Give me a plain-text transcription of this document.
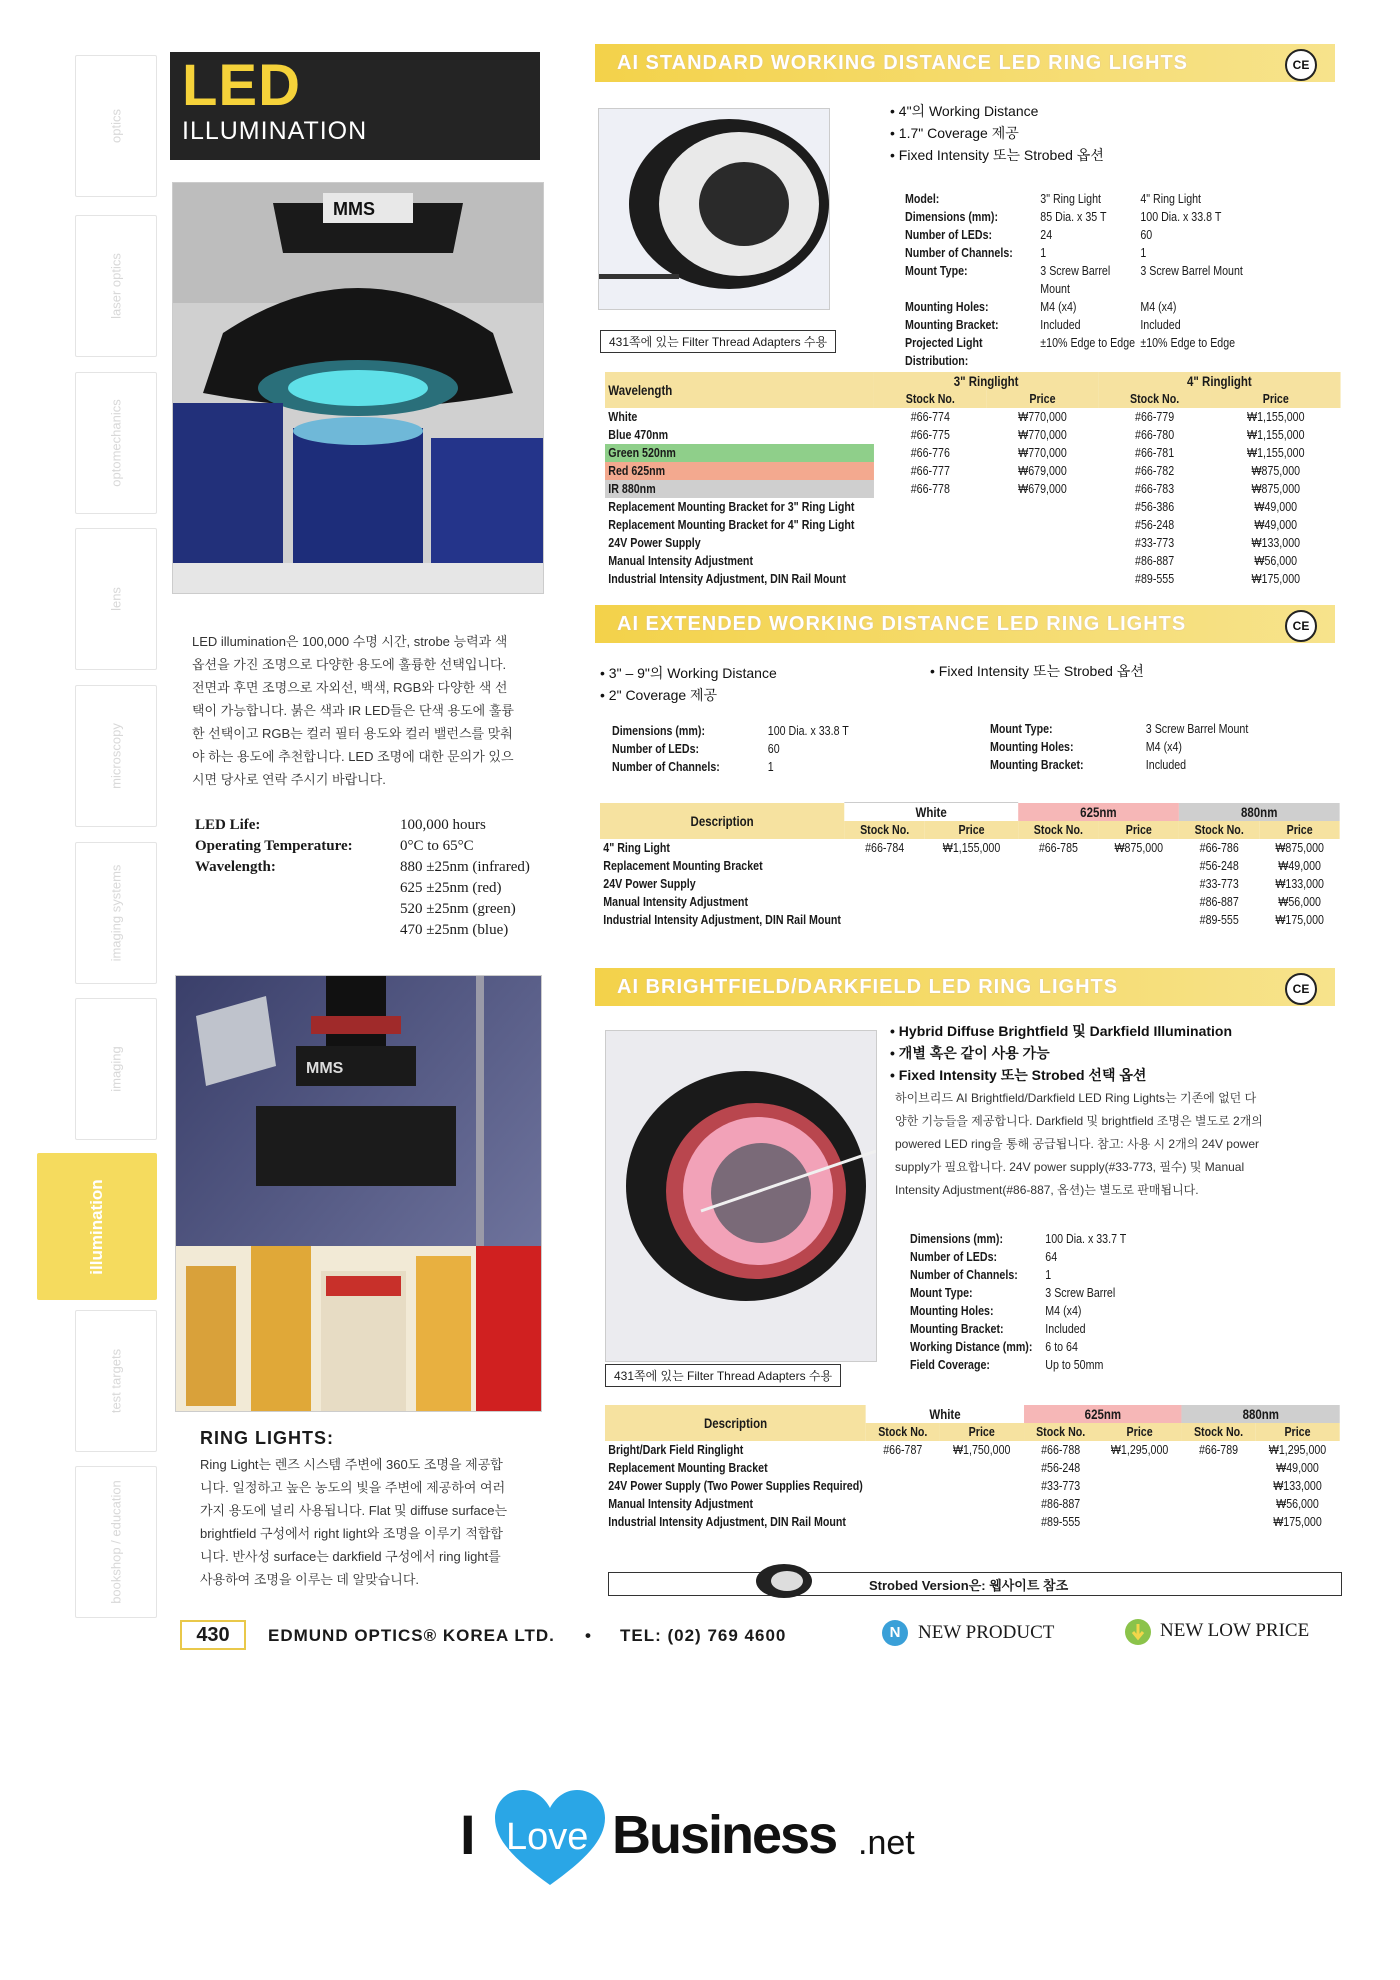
optics
laser optics
optomechanics
lens
microscopy
imaging systems
imaging
illumination
test targets
bookshop / education
LED
ILLUMINATION
MMS
LED illumination은 100,000 수명 시간, strobe 능력과 색
옵션을 가진 조명으로 다양한 용도에 훌륭한 선택입니다.
전면과 후면 조명으로 자외선, 백색, RGB와 다양한 색 선
택이 가능합니다. 붉은 색과 IR LED들은 단색 용도에 훌륭
한 선택이고 RGB는 컬러 필터 용도와 컬러 밸런스를 맞춰
야 하는 용도에 추천합니다. LED 조명에 대한 문의가 있으
시면 당사로 연락 주시기 바랍니다.
LED Life:	100,000 hours
Operating Temperature:	0°C to 65°C
Wavelength:	880 ±25nm (infrared)
625 ±25nm (red)
520 ±25nm (green)
470 ±25nm (blue)
MMS
RING LIGHTS:
Ring Light는 렌즈 시스템 주변에 360도 조명을 제공합
니다. 일정하고 높은 농도의 빛을 주변에 제공하여 여러
가지 용도에 널리 사용됩니다. Flat 및 diffuse surface는
brightfield 구성에서 right light와 조명을 이루기 적합합
니다. 반사성 surface는 darkfield 구성에서 ring light를
사용하여 조명을 이루는 데 알맞습니다.
AI STANDARD WORKING DISTANCE LED RING LIGHTS	CE
431쪽에 있는 Filter Thread Adapters 수용
• 4"의 Working Distance
• 1.7" Coverage 제공
• Fixed Intensity 또는 Strobed 옵션
Model:	3" Ring Light	4" Ring Light
Dimensions (mm):	85 Dia. x 35 T	100 Dia. x 33.8 T
Number of LEDs:	24	60
Number of Channels:	1	1
Mount Type:	3 Screw Barrel Mount
3 Screw Barrel Mount
Mounting Holes:	M4 (x4)	M4 (x4)
Mounting Bracket:	Included	Included
Projected Light Distribution:
±10% Edge to Edge ±10% Edge to Edge
Wavelength	3" Ringlight		4" Ringlight	
	Stock No.	Price	Stock No.	Price
White	#66-774	₩770,000	#66-779	₩1,155,000
Blue 470nm	#66-775	₩770,000	#66-780	₩1,155,000
Green 520nm	#66-776	₩770,000	#66-781	₩1,155,000
Red 625nm	#66-777	₩679,000	#66-782	₩875,000
IR 880nm	#66-778	₩679,000	#66-783	₩875,000
Replacement Mounting Bracket for 3" Ring Light			#56-386	₩49,000
Replacement Mounting Bracket for 4" Ring Light			#56-248	₩49,000
24V Power Supply			#33-773	₩133,000
Manual Intensity Adjustment			#86-887	₩56,000
Industrial Intensity Adjustment, DIN Rail Mount			#89-555	₩175,000
AI EXTENDED WORKING DISTANCE LED RING LIGHTS	CE
• 3" – 9"의 Working Distance
• 2" Coverage 제공
• Fixed Intensity 또는 Strobed 옵션
Dimensions (mm):	100 Dia. x 33.8 T
Number of LEDs:	60
Number of Channels:	1
Mount Type:	3 Screw Barrel Mount
Mounting Holes:	M4 (x4)
Mounting Bracket:	Included
Description	White		625nm		880nm	
	Stock No.	Price	Stock No.	Price	Stock No.	Price
4" Ring Light	#66-784	₩1,155,000	#66-785	₩875,000	#66-786	₩875,000
Replacement Mounting Bracket					#56-248	₩49,000
24V Power Supply					#33-773	₩133,000
Manual Intensity Adjustment					#86-887	₩56,000
Industrial Intensity Adjustment, DIN Rail Mount					#89-555	₩175,000
AI BRIGHTFIELD/DARKFIELD LED RING LIGHTS	CE
431쪽에 있는 Filter Thread Adapters 수용
• Hybrid Diffuse Brightfield 및 Darkfield Illumination
• 개별 혹은 같이 사용 가능
• Fixed Intensity 또는 Strobed 선택 옵션
하이브리드 AI Brightfield/Darkfield LED Ring Lights는 기존에 없던 다
양한 기능들을 제공합니다. Darkfield 및 brightfield 조명은 별도로 2개의
powered LED ring을 통해 공급됩니다. 참고: 사용 시 2개의 24V power
supply가 필요합니다. 24V power supply(#33-773, 필수) 및 Manual
Intensity Adjustment(#86-887, 옵션)는 별도로 판매됩니다.
Dimensions (mm):	100 Dia. x 33.7 T
Number of LEDs:	64
Number of Channels:	1
Mount Type:	3 Screw Barrel
Mounting Holes:	M4 (x4)
Mounting Bracket:	Included
Working Distance (mm): 6 to 64
Field Coverage:	Up to 50mm
Description	White		625nm		880nm	
	Stock No.	Price	Stock No.	Price	Stock No.	Price
Bright/Dark Field Ringlight	#66-787	₩1,750,000	#66-788	₩1,295,000	#66-789	₩1,295,000
Replacement Mounting Bracket			#56-248			₩49,000
24V Power Supply (Two Power Supplies Required)			#33-773			₩133,000
Manual Intensity Adjustment			#86-887			₩56,000
Industrial Intensity Adjustment, DIN Rail Mount			#89-555			₩175,000
Strobed Version은: 웹사이트 참조
430	EDMUND OPTICS® KOREA LTD. • TEL: (02) 769 4600	N NEW PRODUCT	NEW LOW PRICE
I Love Business .net
